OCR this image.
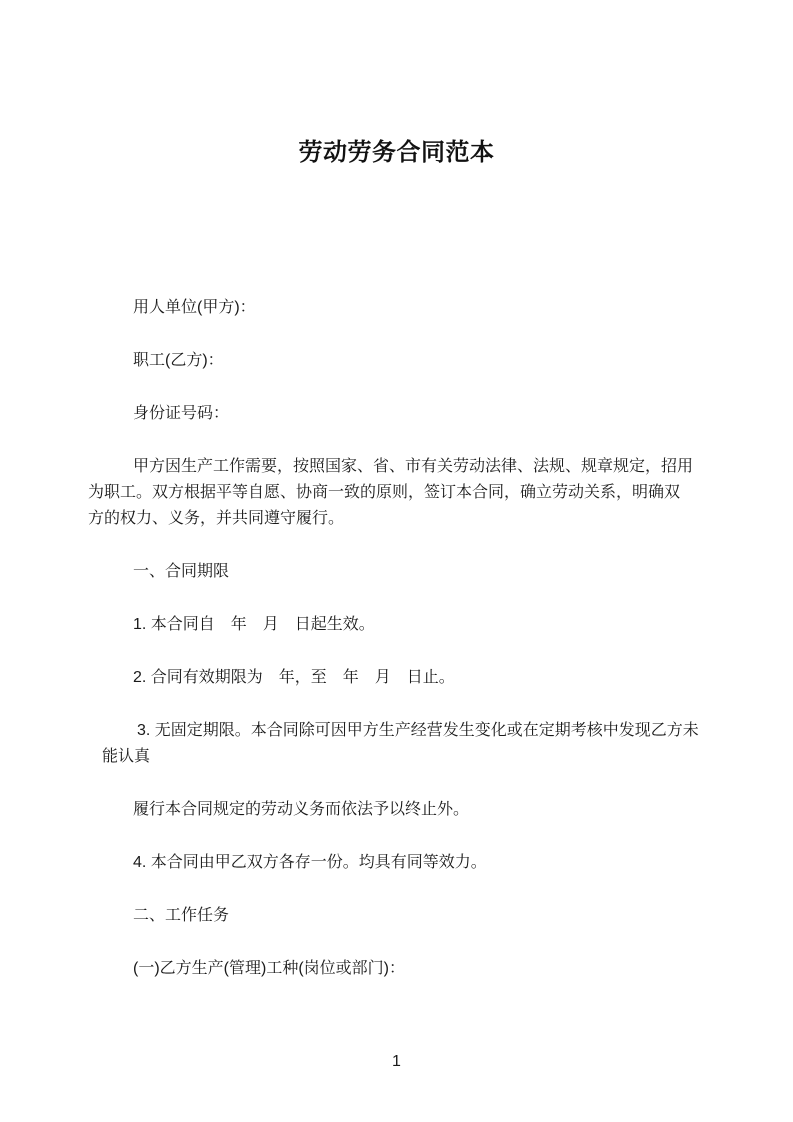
劳动劳务合同范本
用人单位(甲方)：
职工(乙方)：
身份证号码：
甲方因生产工作需要，按照国家、省、市有关劳动法律、法规、规章规定，招用
为职工。双方根据平等自愿、协商一致的原则，签订本合同，确立劳动关系，明确双
方的权力、义务，并共同遵守履行。
一、合同期限
1. 本合同自　年　月　日起生效。
2. 合同有效期限为　年，至　年　月　日止。
3. 无固定期限。本合同除可因甲方生产经营发生变化或在定期考核中发现乙方未
能认真
履行本合同规定的劳动义务而依法予以终止外。
4. 本合同由甲乙双方各存一份。均具有同等效力。
二、工作任务
(一)乙方生产(管理)工种(岗位或部门)：
1
